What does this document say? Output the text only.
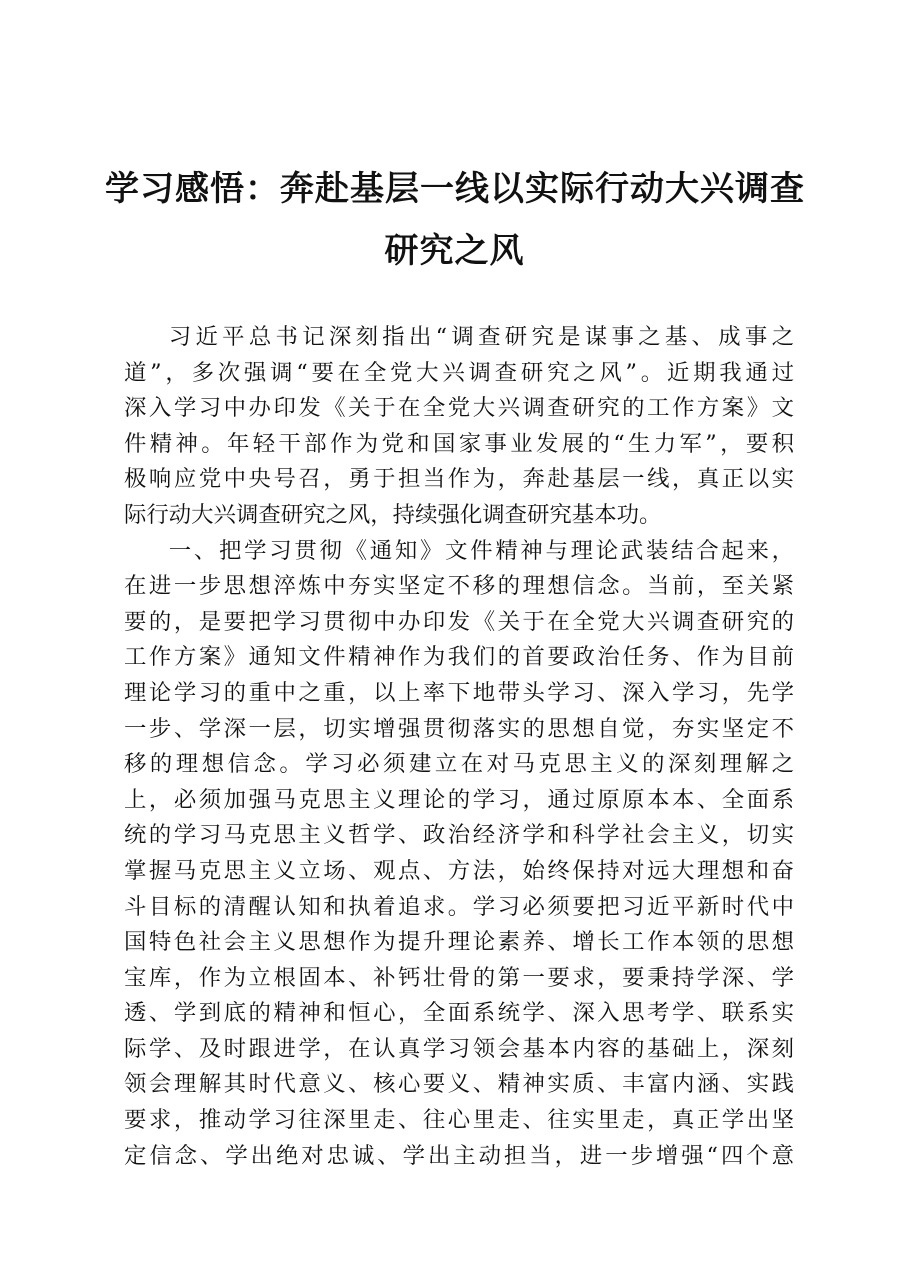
学习感悟：奔赴基层一线以实际行动大兴调查
研究之风
习近平总书记深刻指出“调查研究是谋事之基、成事之
道”，多次强调“要在全党大兴调查研究之风”。近期我通过
深入学习中办印发《关于在全党大兴调查研究的工作方案》文
件精神。年轻干部作为党和国家事业发展的“生力军”，要积
极响应党中央号召，勇于担当作为，奔赴基层一线，真正以实
际行动大兴调查研究之风，持续强化调查研究基本功。
一、把学习贯彻《通知》文件精神与理论武装结合起来，
在进一步思想淬炼中夯实坚定不移的理想信念。当前，至关紧
要的，是要把学习贯彻中办印发《关于在全党大兴调查研究的
工作方案》通知文件精神作为我们的首要政治任务、作为目前
理论学习的重中之重，以上率下地带头学习、深入学习，先学
一步、学深一层，切实增强贯彻落实的思想自觉，夯实坚定不
移的理想信念。学习必须建立在对马克思主义的深刻理解之
上，必须加强马克思主义理论的学习，通过原原本本、全面系
统的学习马克思主义哲学、政治经济学和科学社会主义，切实
掌握马克思主义立场、观点、方法，始终保持对远大理想和奋
斗目标的清醒认知和执着追求。学习必须要把习近平新时代中
国特色社会主义思想作为提升理论素养、增长工作本领的思想
宝库，作为立根固本、补钙壮骨的第一要求，要秉持学深、学
透、学到底的精神和恒心，全面系统学、深入思考学、联系实
际学、及时跟进学，在认真学习领会基本内容的基础上，深刻
领会理解其时代意义、核心要义、精神实质、丰富内涵、实践
要求，推动学习往深里走、往心里走、往实里走，真正学出坚
定信念、学出绝对忠诚、学出主动担当，进一步增强“四个意
